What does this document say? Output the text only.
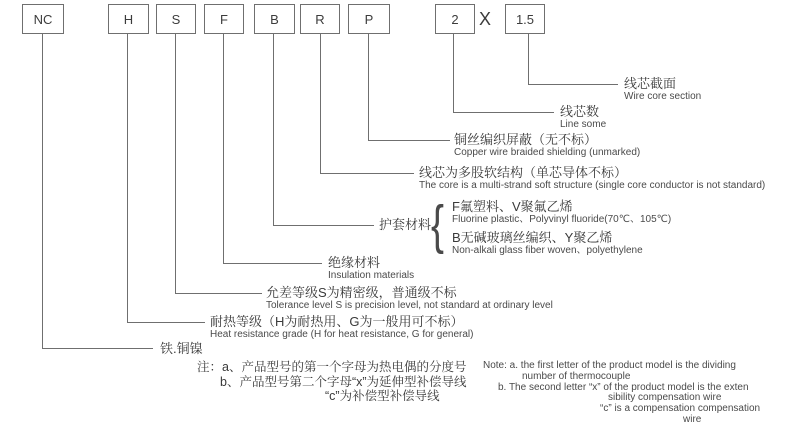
NC	H	S	F	B	R	P	2	1.5
X
线芯截面
Wire core section
线芯数
Line some
铜丝编织屏蔽（无不标）
Copper wire braided shielding (unmarked)
线芯为多股软结构（单芯导体不标）
The core is a multi-strand soft structure (single core conductor is not standard)
护套材料 { F氟塑料、V聚氟乙烯
Fluorine plastic、Polyvinyl fluoride(70℃、105℃)
B无碱玻璃丝编织、Y聚乙烯
Non-alkali glass fiber woven、polyethylene
绝缘材料
Insulation materials
允差等级S为精密级，普通级不标
Tolerance level S is precision level, not standard at ordinary level
耐热等级（H为耐热用、G为一般用可不标）
Heat resistance grade (H for heat resistance, G for general)
铁.铜镍
注：a、产品型号的第一个字母为热电偶的分度号
b、产品型号第二个字母“x”为延伸型补偿导线
“c”为补偿型补偿导线
Note: a. the first letter of the product model is the dividing
number of thermocouple
b. The second letter “x” of the product model is the exten
sibility compensation wire
“c” is a compensation compensation
wire
